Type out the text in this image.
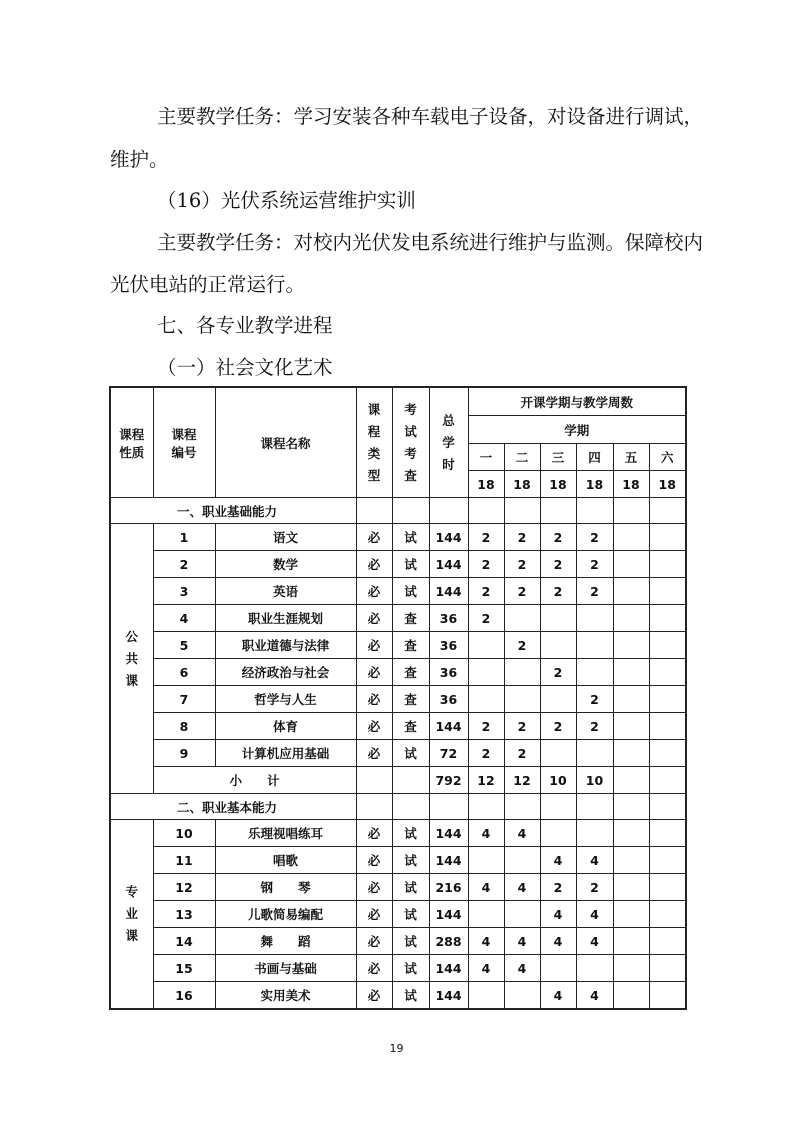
主要教学任务：学习安装各种车载电子设备，对设备进行调试，
维护。
（16）光伏系统运营维护实训
主要教学任务：对校内光伏发电系统进行维护与监测。保障校内
光伏电站的正常运行。
七、各专业教学进程
（一）社会文化艺术
课程性质	课程编号	课程名称	课程类型	考试考查	总学时	开课学期与教学周数					
						学期					
						一	二	三	四	五	六
						18	18	18	18	18	18
一、职业基础能力											

公共课	1	语文	必	试	144	2	2	2	2		
	2	数学	必	试	144	2	2	2	2		
	3	英语	必	试	144	2	2	2	2		
	4	职业生涯规划	必	查	36	2					
	5	职业道德与法律	必	查	36		2				
	6	经济政治与社会	必	查	36			2			
	7	哲学与人生	必	查	36				2		
	8	体育	必	查	144	2	2	2	2		
	9	计算机应用基础	必	试	72	2	2				
	小　　计				792	12	12	10	10		
二、职业基本能力											

专业课	10	乐理视唱练耳	必	试	144	4	4				
	11	唱歌	必	试	144			4	4		
	12	钢　　琴	必	试	216	4	4	2	2		
	13	儿歌简易编配	必	试	144			4	4		
	14	舞　　蹈	必	试	288	4	4	4	4		
	15	书画与基础	必	试	144	4	4				
	16	实用美术	必	试	144			4	4		
19
